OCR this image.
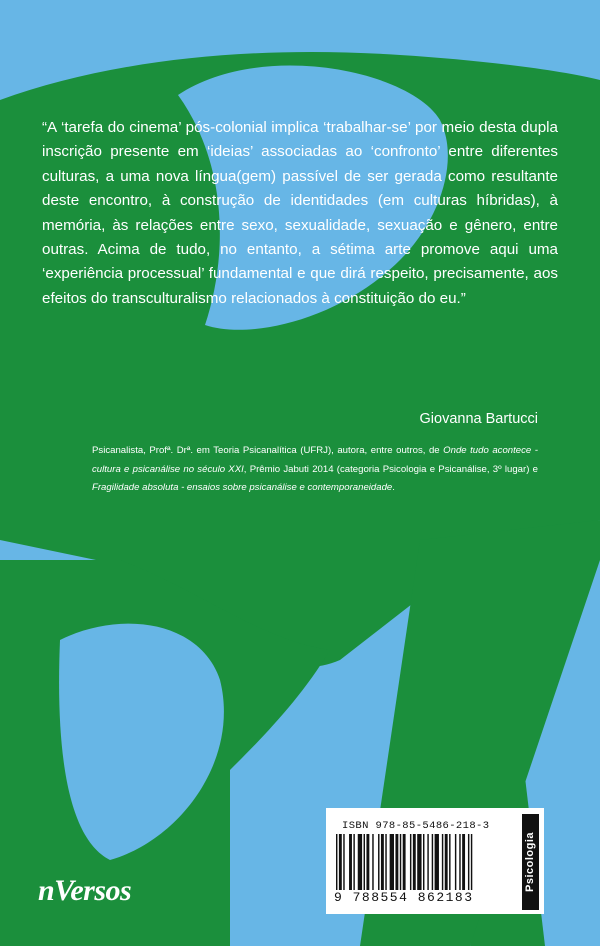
“A ‘tarefa do cinema’ pós-colonial implica ‘trabalhar-se’ por meio desta dupla inscrição presente em ‘ideias’ associadas ao ‘confronto’ entre diferentes culturas, a uma nova língua(gem) passível de ser gerada como resultante deste encontro, à construção de identidades (em culturas híbridas), à memória, às relações entre sexo, sexualidade, sexuação e gênero, entre outras. Acima de tudo, no entanto, a sétima arte promove aqui uma ‘experiência processual’ fundamental e que dirá respeito, precisamente, aos efeitos do transculturalismo relacionados à constituição do eu.”

Giovanna Bartucci

Psicanalista, Profª. Drª. em Teoria Psicanalítica (UFRJ), autora, entre outros, de Onde tudo acontece - cultura e psicanálise no século XXI, Prêmio Jabuti 2014 (categoria Psicologia e Psicanálise, 3º lugar) e Fragilidade absoluta - ensaios sobre psicanálise e contemporaneidade.

ISBN 978-85-5486-218-3
9 788554 862183
Psicologia
nVersos
